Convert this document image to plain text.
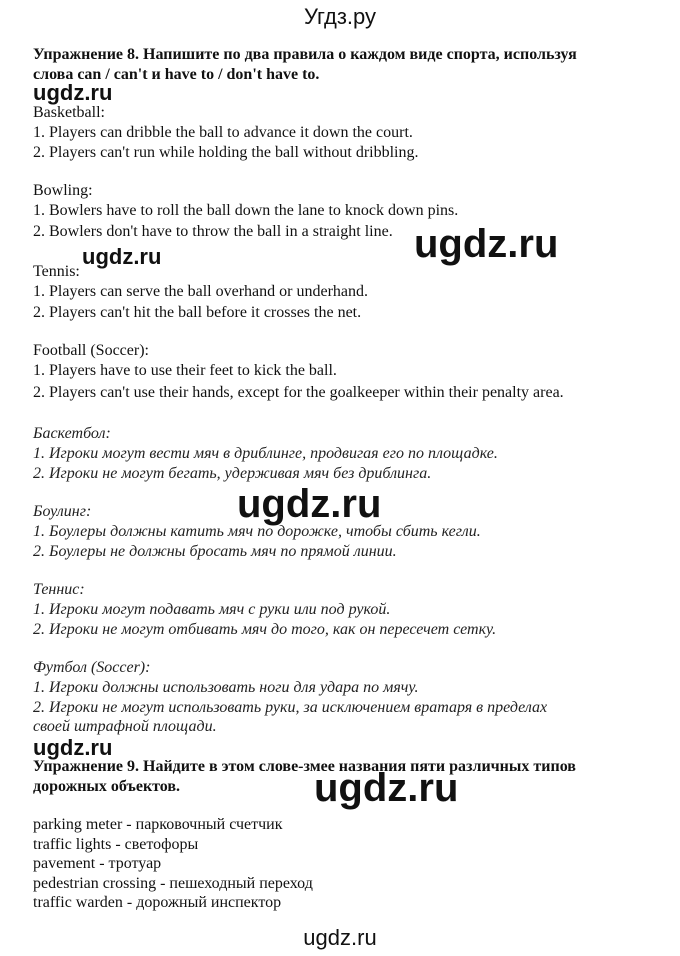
Угдз.ру
Упражнение 8. Напишите по два правила о каждом виде спорта, используя
слова can / can't и have to / don't have to.
ugdz.ru
Basketball:
1. Players can dribble the ball to advance it down the court.
2. Players can't run while holding the ball without dribbling.
Bowling:
1. Bowlers have to roll the ball down the lane to knock down pins.
2. Bowlers don't have to throw the ball in a straight line.
ugdz.ru	ugdz.ru
Tennis:
1. Players can serve the ball overhand or underhand.
2. Players can't hit the ball before it crosses the net.
Football (Soccer):
1. Players have to use their feet to kick the ball.
2. Players can't use their hands, except for the goalkeeper within their penalty area.
Баскетбол:
1. Игроки могут вести мяч в дриблинге, продвигая его по площадке.
2. Игроки не могут бегать, удерживая мяч без дриблинга.
ugdz.ru
Боулинг:
1. Боулеры должны катить мяч по дорожке, чтобы сбить кегли.
2. Боулеры не должны бросать мяч по прямой линии.
Теннис:
1. Игроки могут подавать мяч с руки или под рукой.
2. Игроки не могут отбивать мяч до того, как он пересечет сетку.
Футбол (Soccer):
1. Игроки должны использовать ноги для удара по мячу.
2. Игроки не могут использовать руки, за исключением вратаря в пределах
своей штрафной площади.
ugdz.ru
Упражнение 9. Найдите в этом слове-змее названия пяти различных типов
дорожных объектов.	ugdz.ru
parking meter - парковочный счетчик
traffic lights - светофоры
pavement - тротуар
pedestrian crossing - пешеходный переход
traffic warden - дорожный инспектор
ugdz.ru
